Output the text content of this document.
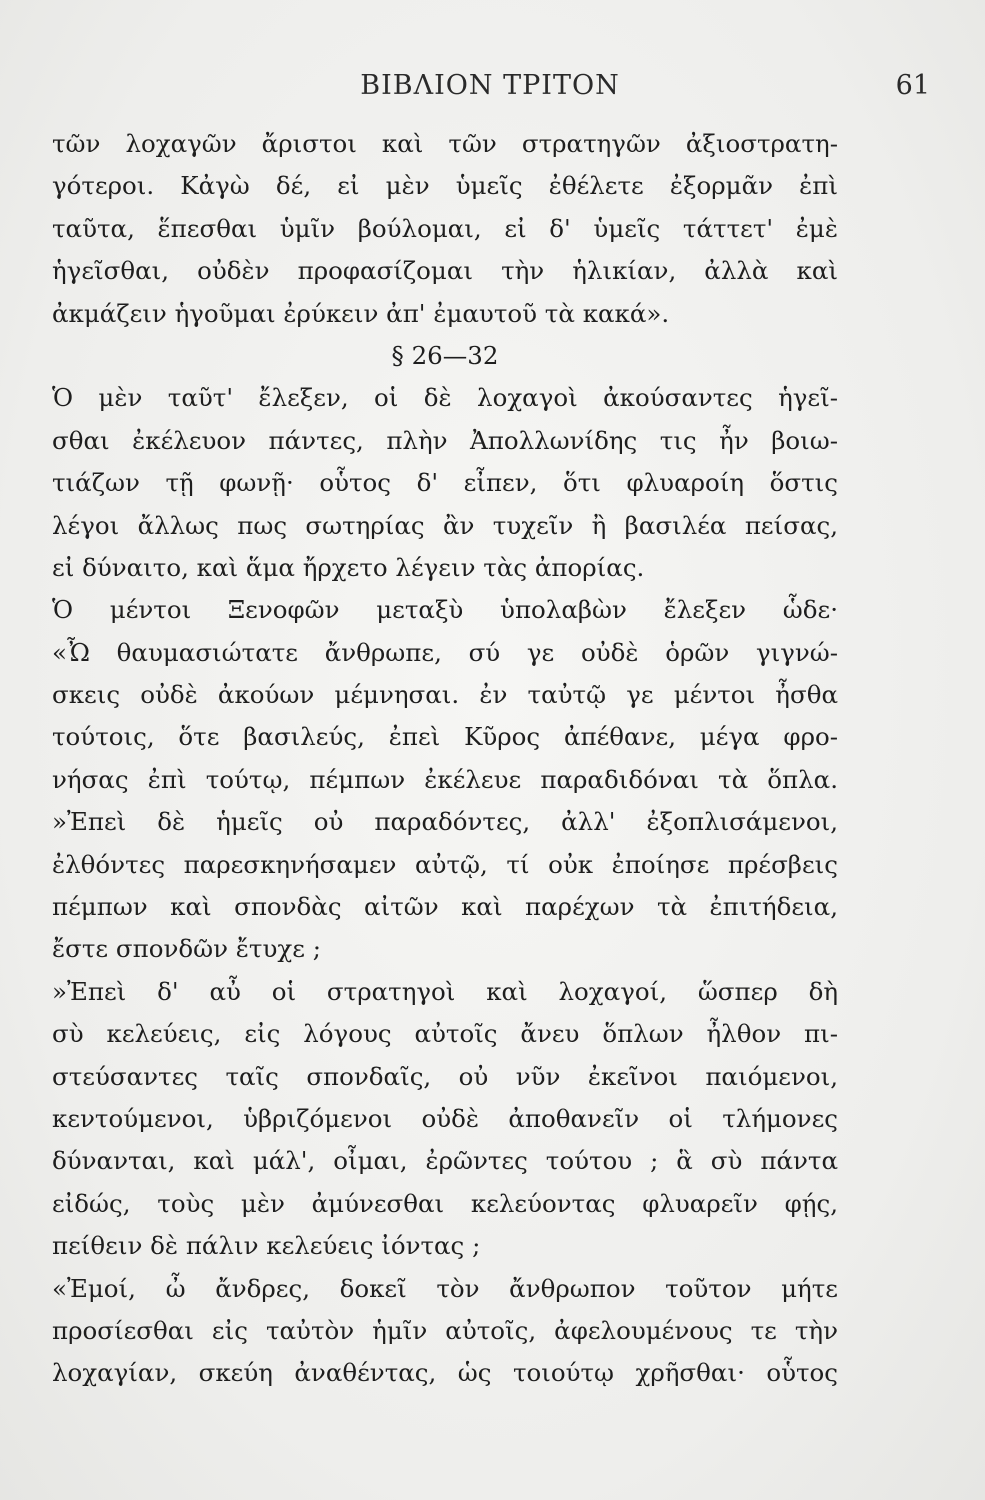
ΒΙΒΛΙΟΝ ΤΡΙΤΟΝ	61
τῶν λοχαγῶν ἄριστοι καὶ τῶν στρατηγῶν ἀξιοστρατη-
γότεροι. Κἀγὼ δέ, εἰ μὲν ὑμεῖς ἐθέλετε ἐξορμᾶν ἐπὶ
ταῦτα, ἕπεσθαι ὑμῖν βούλομαι, εἰ δ' ὑμεῖς τάττετ' ἐμὲ
ἡγεῖσθαι, οὐδὲν προφασίζομαι τὴν ἡλικίαν, ἀλλὰ καὶ
ἀκμάζειν ἡγοῦμαι ἐρύκειν ἀπ' ἐμαυτοῦ τὰ κακά».
§ 26—32
Ὁ μὲν ταῦτ' ἔλεξεν, οἱ δὲ λοχαγοὶ ἀκούσαντες ἡγεῖ-
σθαι ἐκέλευον πάντες, πλὴν Ἀπολλωνίδης τις ἦν βοιω-
τιάζων τῇ φωνῇ· οὗτος δ' εἶπεν, ὅτι φλυαροίη ὅστις
λέγοι ἄλλως πως σωτηρίας ἂν τυχεῖν ἢ βασιλέα πείσας,
εἰ δύναιτο, καὶ ἅμα ἤρχετο λέγειν τὰς ἀπορίας.
Ὁ μέντοι Ξενοφῶν μεταξὺ ὑπολαβὼν ἔλεξεν ὧδε·
«Ὦ θαυμασιώτατε ἄνθρωπε, σύ γε οὐδὲ ὁρῶν γιγνώ-
σκεις οὐδὲ ἀκούων μέμνησαι. ἐν ταὐτῷ γε μέντοι ἦσθα
τούτοις, ὅτε βασιλεύς, ἐπεὶ Κῦρος ἀπέθανε, μέγα φρο-
νήσας ἐπὶ τούτῳ, πέμπων ἐκέλευε παραδιδόναι τὰ ὅπλα.
»Ἐπεὶ δὲ ἡμεῖς οὐ παραδόντες, ἀλλ' ἐξοπλισάμενοι,
ἐλθόντες παρεσκηνήσαμεν αὐτῷ, τί οὐκ ἐποίησε πρέσβεις
πέμπων καὶ σπονδὰς αἰτῶν καὶ παρέχων τὰ ἐπιτήδεια,
ἔστε σπονδῶν ἔτυχε ;
»Ἐπεὶ δ' αὖ οἱ στρατηγοὶ καὶ λοχαγοί, ὥσπερ δὴ
σὺ κελεύεις, εἰς λόγους αὐτοῖς ἄνευ ὅπλων ἦλθον πι-
στεύσαντες ταῖς σπονδαῖς, οὐ νῦν ἐκεῖνοι παιόμενοι,
κεντούμενοι, ὑβριζόμενοι οὐδὲ ἀποθανεῖν οἱ τλήμονες
δύνανται, καὶ μάλ', οἶμαι, ἐρῶντες τούτου ; ἃ σὺ πάντα
εἰδώς, τοὺς μὲν ἀμύνεσθαι κελεύοντας φλυαρεῖν φῄς,
πείθειν δὲ πάλιν κελεύεις ἰόντας ;
«Ἐμοί, ὦ ἄνδρες, δοκεῖ τὸν ἄνθρωπον τοῦτον μήτε
προσίεσθαι εἰς ταὐτὸν ἡμῖν αὐτοῖς, ἀφελουμένους τε τὴν
λοχαγίαν, σκεύη ἀναθέντας, ὡς τοιούτῳ χρῆσθαι· οὗτος
